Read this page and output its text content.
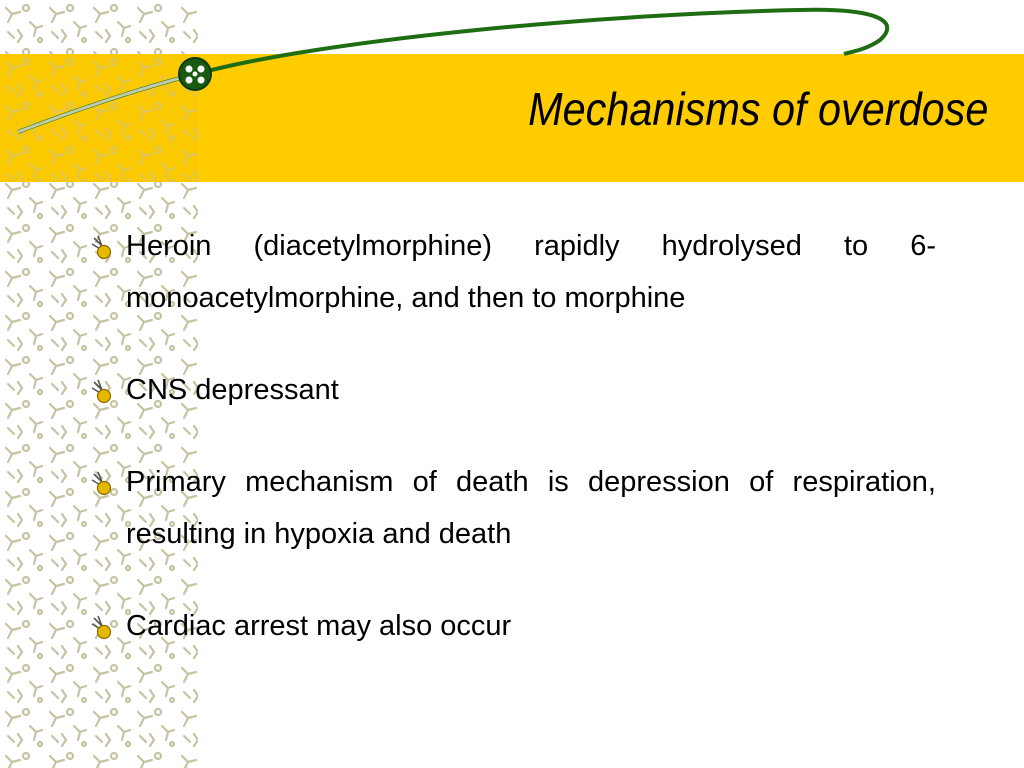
Mechanisms of overdose
Heroin (diacetylmorphine) rapidly hydrolysed to 6-monoacetylmorphine, and then to morphine
CNS depressant
Primary mechanism of death is depression of respiration, resulting in hypoxia and death
Cardiac arrest may also occur
